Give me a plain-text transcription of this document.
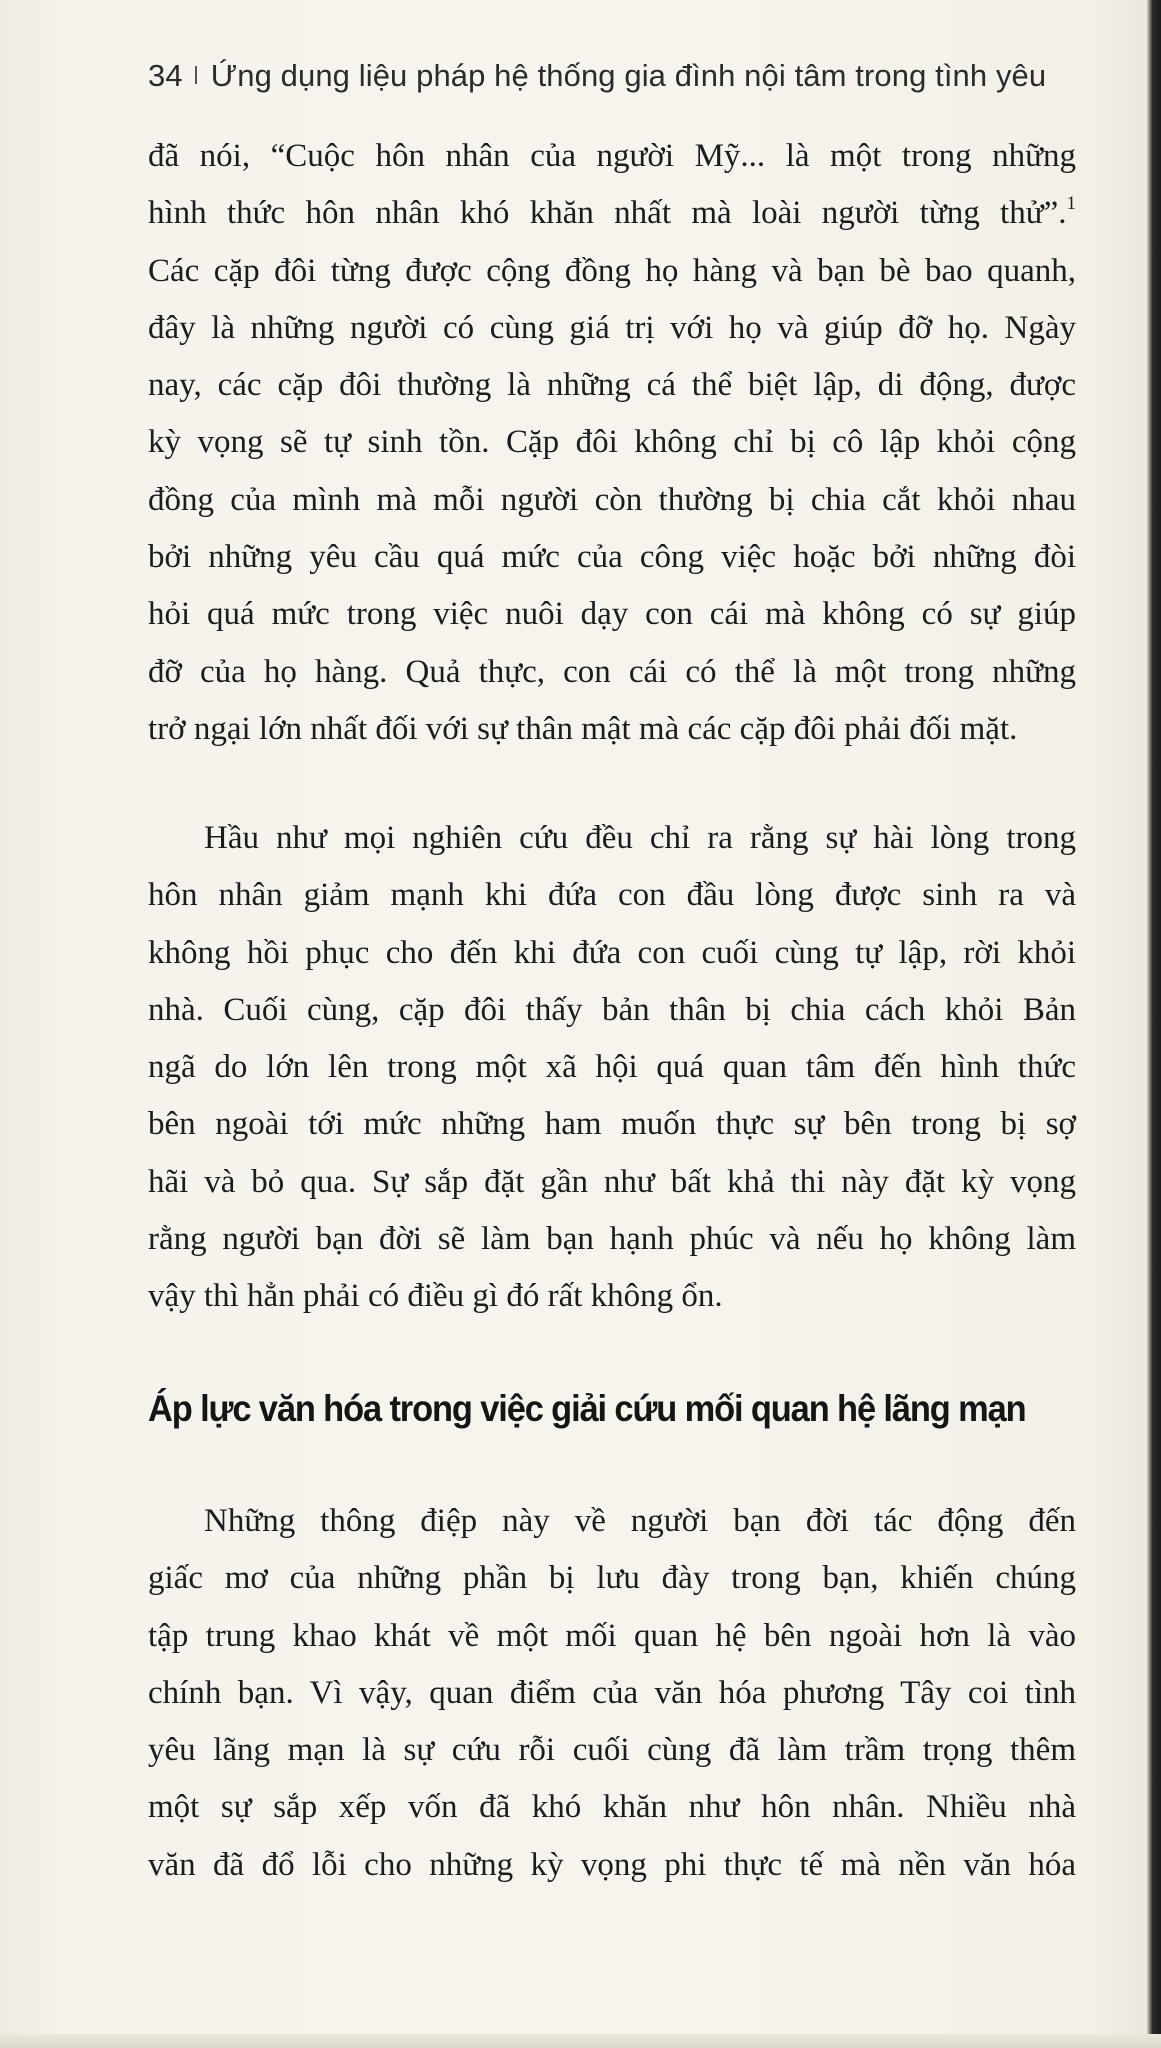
34 Ứng dụng liệu pháp hệ thống gia đình nội tâm trong tình yêu
đã nói, “Cuộc hôn nhân của người Mỹ... là một trong những
hình thức hôn nhân khó khăn nhất mà loài người từng thử”.$^1$
Các cặp đôi từng được cộng đồng họ hàng và bạn bè bao quanh,
đây là những người có cùng giá trị với họ và giúp đỡ họ. Ngày
nay, các cặp đôi thường là những cá thể biệt lập, di động, được
kỳ vọng sẽ tự sinh tồn. Cặp đôi không chỉ bị cô lập khỏi cộng
đồng của mình mà mỗi người còn thường bị chia cắt khỏi nhau
bởi những yêu cầu quá mức của công việc hoặc bởi những đòi
hỏi quá mức trong việc nuôi dạy con cái mà không có sự giúp
đỡ của họ hàng. Quả thực, con cái có thể là một trong những
trở ngại lớn nhất đối với sự thân mật mà các cặp đôi phải đối mặt.
Hầu như mọi nghiên cứu đều chỉ ra rằng sự hài lòng trong
hôn nhân giảm mạnh khi đứa con đầu lòng được sinh ra và
không hồi phục cho đến khi đứa con cuối cùng tự lập, rời khỏi
nhà. Cuối cùng, cặp đôi thấy bản thân bị chia cách khỏi Bản
ngã do lớn lên trong một xã hội quá quan tâm đến hình thức
bên ngoài tới mức những ham muốn thực sự bên trong bị sợ
hãi và bỏ qua. Sự sắp đặt gần như bất khả thi này đặt kỳ vọng
rằng người bạn đời sẽ làm bạn hạnh phúc và nếu họ không làm
vậy thì hẳn phải có điều gì đó rất không ổn.
Áp lực văn hóa trong việc giải cứu mối quan hệ lãng mạn
Những thông điệp này về người bạn đời tác động đến
giấc mơ của những phần bị lưu đày trong bạn, khiến chúng
tập trung khao khát về một mối quan hệ bên ngoài hơn là vào
chính bạn. Vì vậy, quan điểm của văn hóa phương Tây coi tình
yêu lãng mạn là sự cứu rỗi cuối cùng đã làm trầm trọng thêm
một sự sắp xếp vốn đã khó khăn như hôn nhân. Nhiều nhà
văn đã đổ lỗi cho những kỳ vọng phi thực tế mà nền văn hóa
